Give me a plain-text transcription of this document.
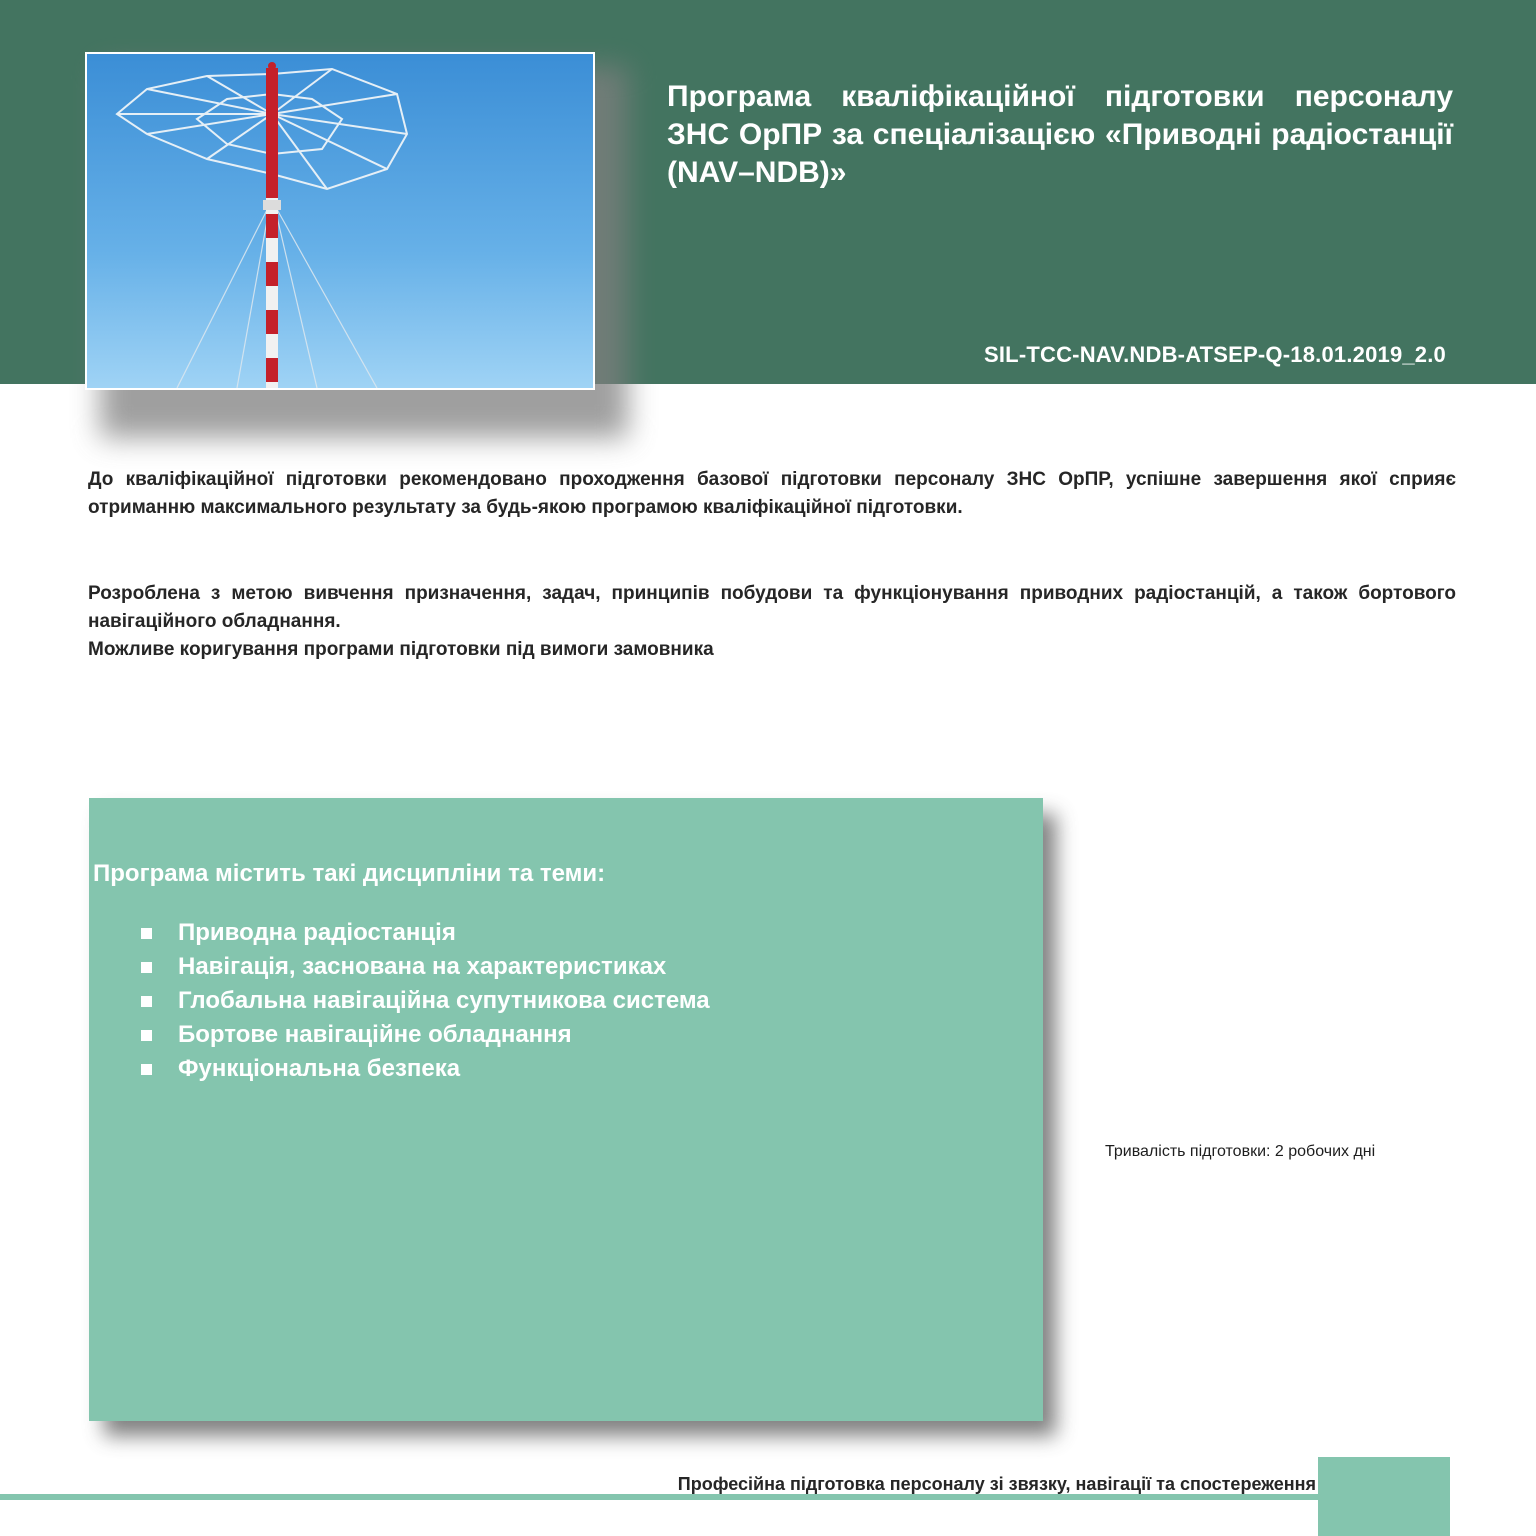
Програма кваліфікаційної підготовки персоналу ЗНС ОрПР за спеціалізацією «Приводні радіостанції (NAV–NDB)»
SIL-TCC-NAV.NDB-ATSEP-Q-18.01.2019_2.0

До кваліфікаційної підготовки рекомендовано проходження базової підготовки персоналу ЗНС ОрПР, успішне завершення якої сприяє отриманню максимального результату за будь-якою програмою кваліфікаційної підготовки.

Розроблена з метою вивчення призначення, задач, принципів побудови та функціонування приводних радіостанцій, а також бортового навігаційного обладнання.

Можливе коригування програми підготовки під вимоги замовника

Програма містить такі дисципліни та теми:

Приводна радіостанція
Навігація, заснована на характеристиках
Глобальна навігаційна супутникова система
Бортове навігаційне обладнання
Функціональна безпека
Тривалість підготовки: 2 робочих дні
Професійна підготовка персоналу зі звязку, навігації та спостереження
